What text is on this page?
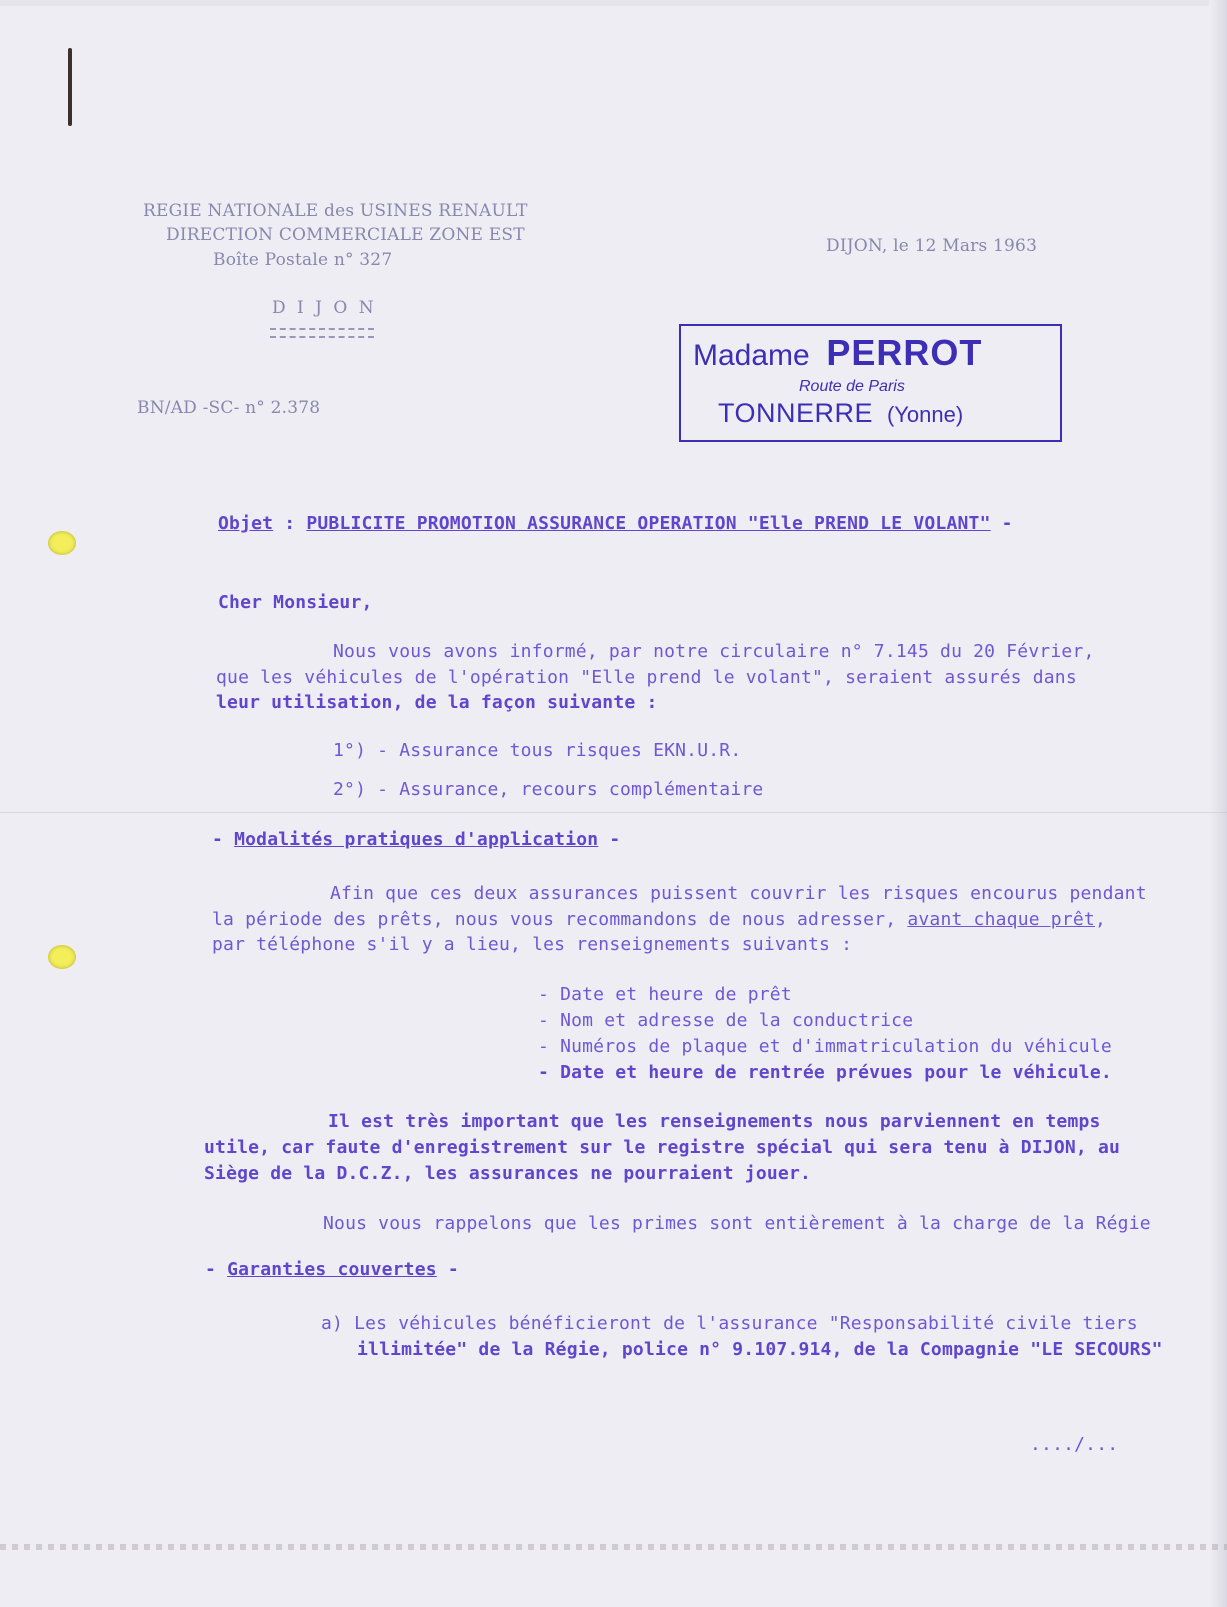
REGIE NATIONALE des USINES RENAULT
DIRECTION COMMERCIALE ZONE EST
Boîte Postale n° 327
D I J O N
DIJON, le 12 Mars 1963
BN/AD -SC- n° 2.378
Madame PERROT
Route de Paris
TONNERRE (Yonne)
Objet : PUBLICITE PROMOTION ASSURANCE OPERATION "Elle PREND LE VOLANT" -
Cher Monsieur,
Nous vous avons informé, par notre circulaire n° 7.145 du 20 Février,
que les véhicules de l'opération "Elle prend le volant", seraient assurés dans
leur utilisation, de la façon suivante :
1°) - Assurance tous risques EKN.U.R.
2°) - Assurance, recours complémentaire
- Modalités pratiques d'application -
Afin que ces deux assurances puissent couvrir les risques encourus pendant
la période des prêts, nous vous recommandons de nous adresser, avant chaque prêt,
par téléphone s'il y a lieu, les renseignements suivants :
- Date et heure de prêt
- Nom et adresse de la conductrice
- Numéros de plaque et d'immatriculation du véhicule
- Date et heure de rentrée prévues pour le véhicule.
Il est très important que les renseignements nous parviennent en temps
utile, car faute d'enregistrement sur le registre spécial qui sera tenu à DIJON, au
Siège de la D.C.Z., les assurances ne pourraient jouer.
Nous vous rappelons que les primes sont entièrement à la charge de la Régie
- Garanties couvertes -
a) Les véhicules bénéficieront de l'assurance "Responsabilité civile tiers
illimitée" de la Régie, police n° 9.107.914, de la Compagnie "LE SECOURS"
..../...
